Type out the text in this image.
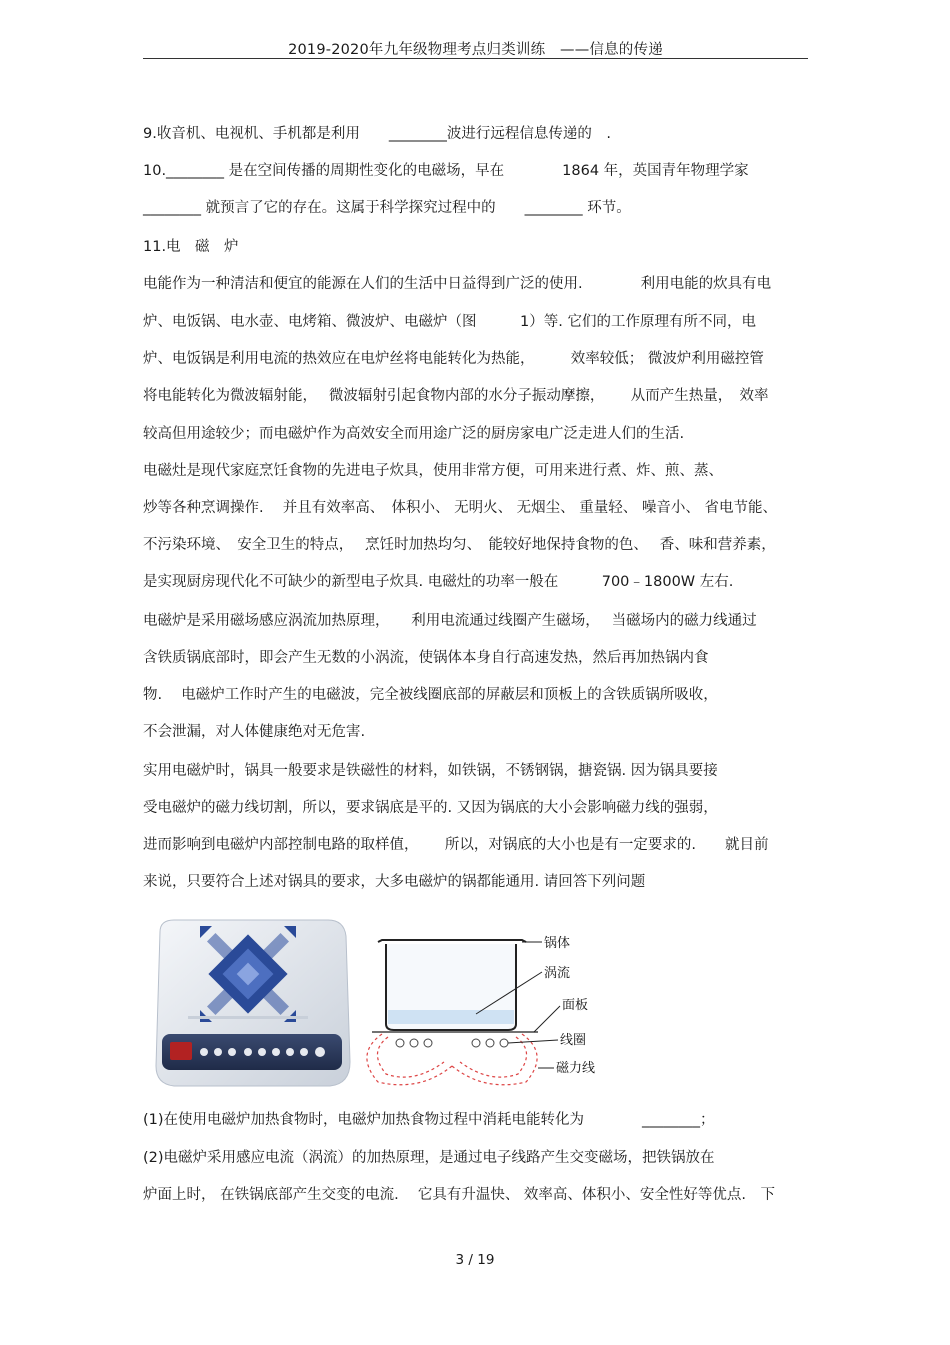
2019-2020年九年级物理考点归类训练　——信息的传递
9.收音机、电视机、手机都是利用　　________波进行远程信息传递的　.
10.________ 是在空间传播的周期性变化的电磁场，早在　　　　1864 年，英国青年物理学家
________ 就预言了它的存在。这属于科学探究过程中的　　________ 环节。
11.电　磁　炉
电能作为一种清洁和便宜的能源在人们的生活中日益得到广泛的使用.　　　　利用电能的炊具有电
炉、电饭锅、电水壶、电烤箱、微波炉、电磁炉（图　　　1）等. 它们的工作原理有所不同，电
炉、电饭锅是利用电流的热效应在电炉丝将电能转化为热能，　　　效率较低； 微波炉利用磁控管
将电能转化为微波辐射能，　 微波辐射引起食物内部的水分子振动摩擦，　　 从而产生热量，　效率
较高但用途较少；而电磁炉作为高效安全而用途广泛的厨房家电广泛走进人们的生活.
电磁灶是现代家庭烹饪食物的先进电子炊具，使用非常方便，可用来进行煮、炸、煎、蒸、
炒等各种烹调操作.　 并且有效率高、　体积小、 无明火、 无烟尘、 重量轻、 噪音小、 省电节能、
不污染环境、　安全卫生的特点，　 烹饪时加热均匀、　能较好地保持食物的色、　 香、味和营养素，
是实现厨房现代化不可缺少的新型电子炊具. 电磁灶的功率一般在　　　700﹣1800W 左右.
电磁炉是采用磁场感应涡流加热原理，　　利用电流通过线圈产生磁场，　 当磁场内的磁力线通过
含铁质锅底部时，即会产生无数的小涡流，使锅体本身自行高速发热，然后再加热锅内食
物.　 电磁炉工作时产生的电磁波，完全被线圈底部的屏蔽层和顶板上的含铁质锅所吸收，
不会泄漏，对人体健康绝对无危害.
实用电磁炉时，锅具一般要求是铁磁性的材料，如铁锅，不锈钢锅，搪瓷锅. 因为锅具要接
受电磁炉的磁力线切割，所以，要求锅底是平的. 又因为锅底的大小会影响磁力线的强弱，
进而影响到电磁炉内部控制电路的取样值，　　 所以，对锅底的大小也是有一定要求的.　　就目前
来说，只要符合上述对锅具的要求，大多电磁炉的锅都能通用. 请回答下列问题
锅体
涡流
面板
线圈
磁力线
(1)在使用电磁炉加热食物时，电磁炉加热食物过程中消耗电能转化为　　　　________；
(2)电磁炉采用感应电流（涡流）的加热原理，是通过电子线路产生交变磁场，把铁锅放在
炉面上时， 在铁锅底部产生交变的电流.　 它具有升温快、 效率高、体积小、安全性好等优点.　下
3 / 19
